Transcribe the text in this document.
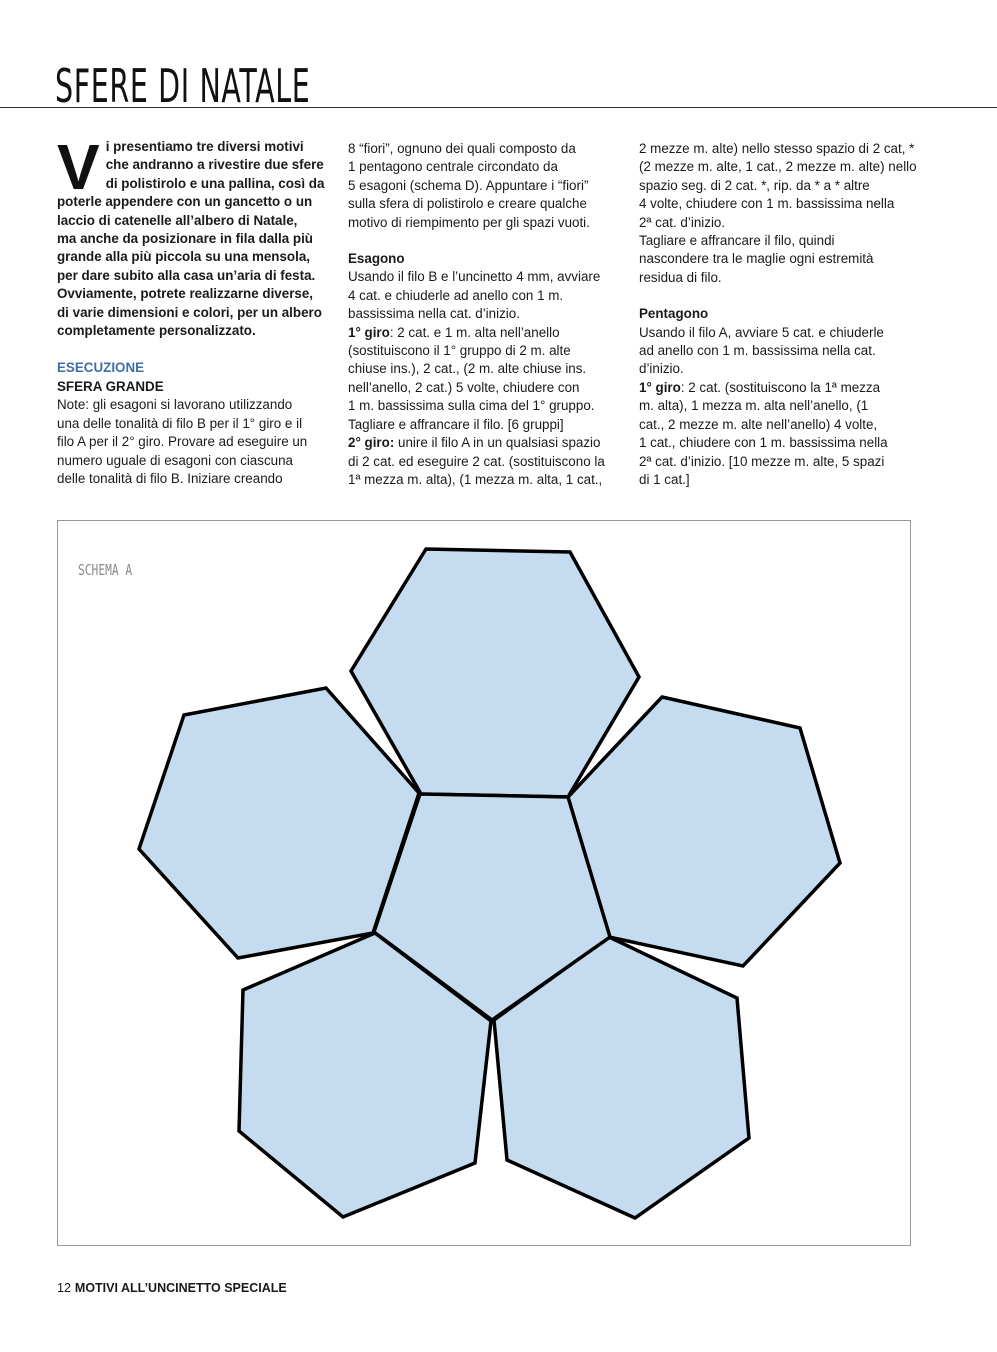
SFERE DI NATALE

V i presentiamo tre diversi motivi
che andranno a rivestire due sfere
di polistirolo e una pallina, così da
poterle appendere con un gancetto o un
laccio di catenelle all’albero di Natale,
ma anche da posizionare in fila dalla più
grande alla più piccola su una mensola,
per dare subito alla casa un’aria di festa.
Ovviamente, potrete realizzarne diverse,
di varie dimensioni e colori, per un albero
completamente personalizzato.

ESECUZIONE

SFERA GRANDE

Note: gli esagoni si lavorano utilizzando
una delle tonalità di filo B per il 1° giro e il
filo A per il 2° giro. Provare ad eseguire un
numero uguale di esagoni con ciascuna
delle tonalità di filo B. Iniziare creando

8 “fiori”, ognuno dei quali composto da
1 pentagono centrale circondato da
5 esagoni (schema D). Appuntare i “fiori”
sulla sfera di polistirolo e creare qualche
motivo di riempimento per gli spazi vuoti.

Esagono

Usando il filo B e l’uncinetto 4 mm, avviare
4 cat. e chiuderle ad anello con 1 m.
bassissima nella cat. d’inizio.

1° giro: 2 cat. e 1 m. alta nell’anello
(sostituiscono il 1° gruppo di 2 m. alte
chiuse ins.), 2 cat., (2 m. alte chiuse ins.
nell’anello, 2 cat.) 5 volte, chiudere con
1 m. bassissima sulla cima del 1° gruppo.
Tagliare e affrancare il filo. [6 gruppi]

2° giro: unire il filo A in un qualsiasi spazio
di 2 cat. ed eseguire 2 cat. (sostituiscono la
1ª mezza m. alta), (1 mezza m. alta, 1 cat.,

2 mezze m. alte) nello stesso spazio di 2 cat, *
(2 mezze m. alte, 1 cat., 2 mezze m. alte) nello
spazio seg. di 2 cat. *, rip. da * a * altre
4 volte, chiudere con 1 m. bassissima nella
2ª cat. d’inizio.
Tagliare e affrancare il filo, quindi
nascondere tra le maglie ogni estremità
residua di filo.

Pentagono

Usando il filo A, avviare 5 cat. e chiuderle
ad anello con 1 m. bassissima nella cat.
d’inizio.

1° giro: 2 cat. (sostituiscono la 1ª mezza
m. alta), 1 mezza m. alta nell’anello, (1
cat., 2 mezze m. alte nell’anello) 4 volte,
1 cat., chiudere con 1 m. bassissima nella
2ª cat. d’inizio. [10 mezze m. alte, 5 spazi
di 1 cat.]

SCHEMA A
12 MOTIVI ALL’UNCINETTO SPECIALE
